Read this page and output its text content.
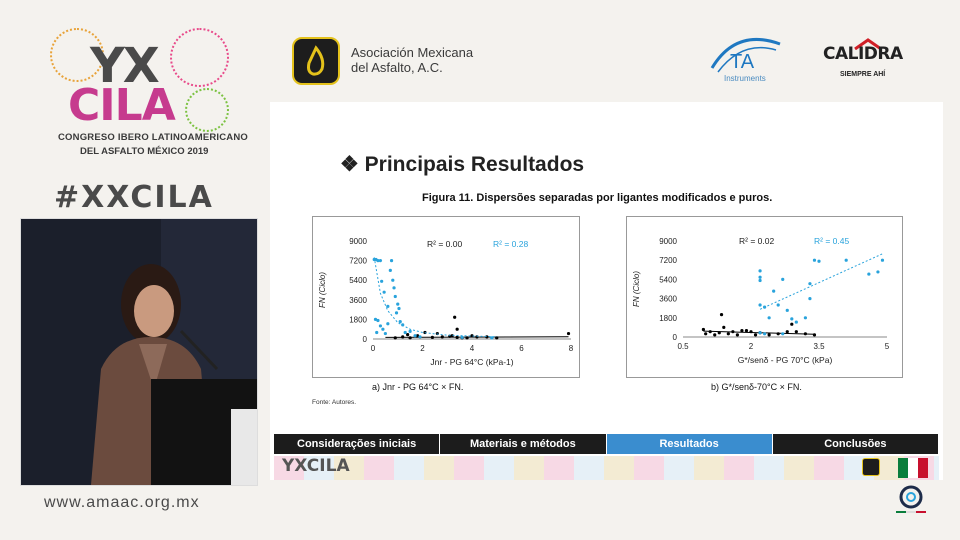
YX
CILA
CONGRESO IBERO LATINOAMERICANO
DEL ASFALTO MÉXICO 2019
#XXCILA
www.amaac.org.mx
Asociación Mexicana
del Asfalto, A.C.	TA
Instruments
CALIDRA
SIEMPRE AHÍ
❖ Principais Resultados
Figura 11. Dispersões separadas por ligantes modificados e puros.
0
1800
3600
5400
7200
9000
0	2	4	6	8
FN (Ciclo)
Jnr - PG 64°C (kPa-1)
R² = 0.00	R² = 0.28
0
1800
3600
5400
7200
9000
0.5	2	3.5	5
FN (Ciclo)
G*/senδ - PG 70°C (kPa)
R² = 0.02	R² = 0.45
a) Jnr - PG 64°C × FN.	b) G*/senδ-70°C × FN.
Fonte: Autores.
Considerações iniciais	Materiais e métodos	Resultados	Conclusões
YXCILA
